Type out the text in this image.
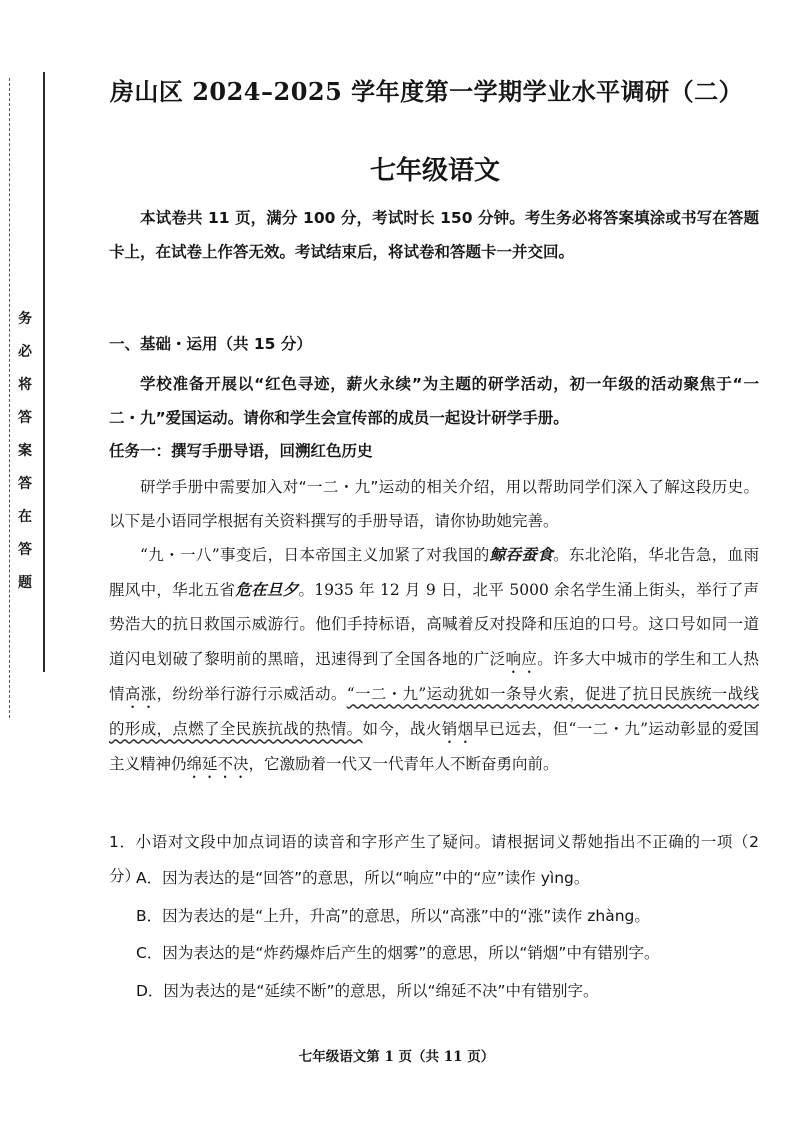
务
必
将
答
案
答
在
答
题
房山区 2024–2025 学年度第一学期学业水平调研（二）
七年级语文

本试卷共 11 页，满分 100 分，考试时长 150 分钟。考生务必将答案填涂或书写在答题卡上，在试卷上作答无效。考试结束后，将试卷和答题卡一并交回。

一、基础・运用（共 15 分）

学校准备开展以“红色寻迹，薪火永续”为主题的研学活动，初一年级的活动聚焦于“一二・九”爱国运动。请你和学生会宣传部的成员一起设计研学手册。

任务一：撰写手册导语，回溯红色历史

研学手册中需要加入对“一二・九”运动的相关介绍，用以帮助同学们深入了解这段历史。以下是小语同学根据有关资料撰写的手册导语，请你协助她完善。

“九・一八”事变后，日本帝国主义加紧了对我国的鲸吞蚕食。东北沦陷，华北告急，血雨腥风中，华北五省危在旦夕。1935 年 12 月 9 日，北平 5000 余名学生涌上街头，举行了声势浩大的抗日救国示威游行。他们手持标语，高喊着反对投降和压迫的口号。这口号如同一道道闪电划破了黎明前的黑暗，迅速得到了全国各地的广泛响应。许多大中城市的学生和工人热情高涨，纷纷举行游行示威活动。“一二・九”运动犹如一条导火索，促进了抗日民族统一战线的形成，点燃了全民族抗战的热情。如今，战火销烟早已远去，但“一二・九”运动彰显的爱国主义精神仍绵延不决，它激励着一代又一代青年人不断奋勇向前。

1．小语对文段中加点词语的读音和字形产生了疑问。请根据词义帮她指出不正确的一项（2 分）

A．因为表达的是“回答”的意思，所以“响应”中的“应”读作 yìng。
B．因为表达的是“上升，升高”的意思，所以“高涨”中的“涨”读作 zhàng。
C．因为表达的是“炸药爆炸后产生的烟雾”的意思，所以“销烟”中有错别字。
D．因为表达的是“延续不断”的意思，所以“绵延不决”中有错别字。
七年级语文第 1 页（共 11 页）
